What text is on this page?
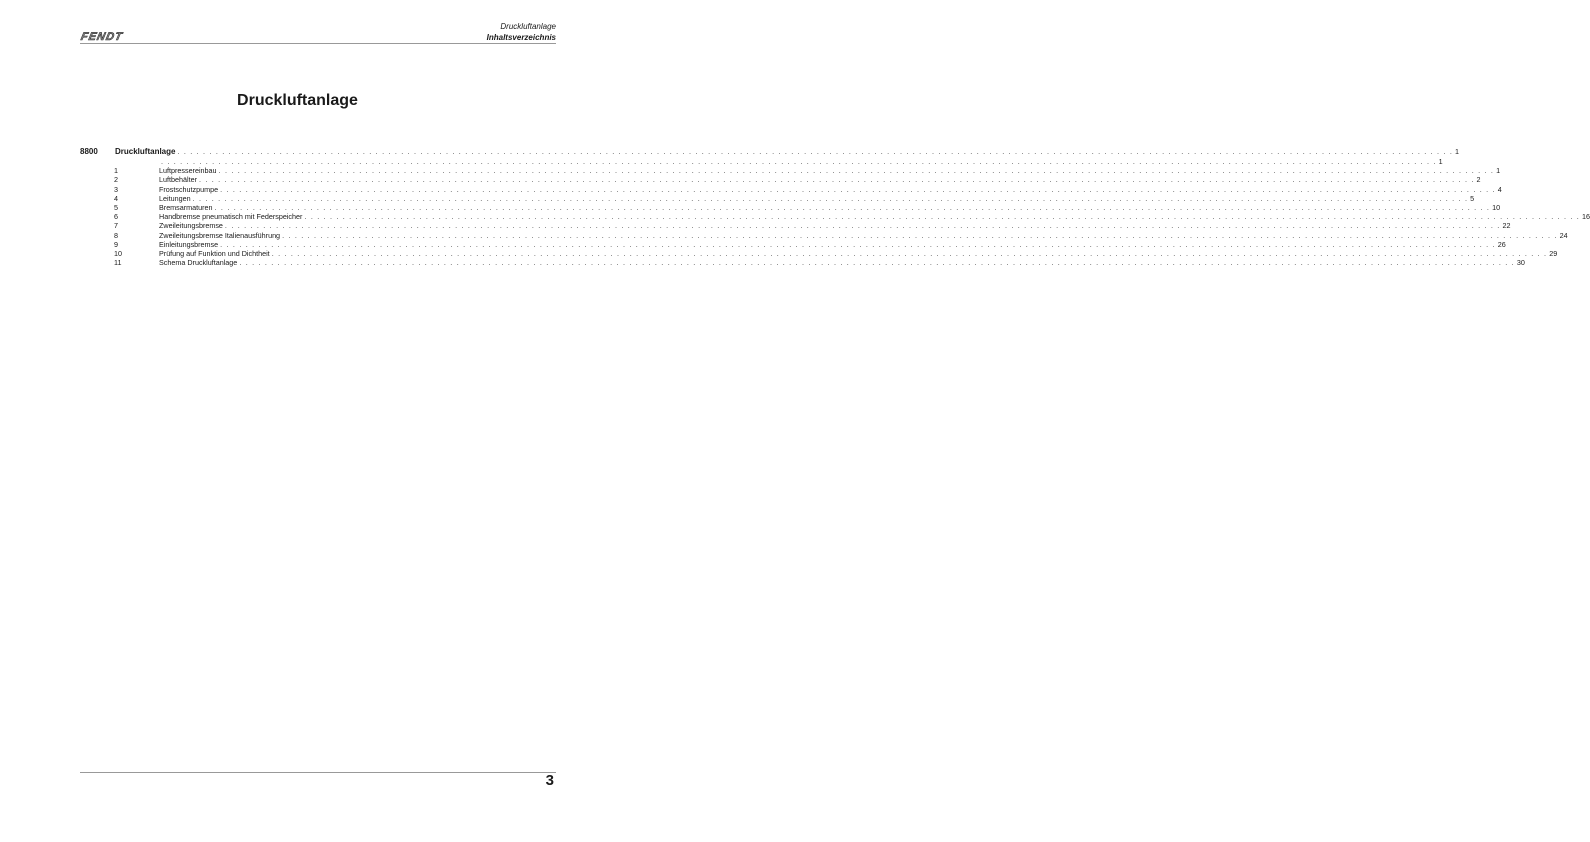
FENDT
Druckluftanlage
Inhaltsverzeichnis
Druckluftanlage
8800 Druckluftanlage . . . . . . . . . . . . . . . . . . . . . . . . . . . . . . . . . . . . . . . . . . . . . . . . . . . . . . . . . . . . . . . . . . . . . . . . . . . . . . . . . . . . . . . . . . . . . . . . . . . . . . . . . . . . . . . . . . . . . . . . . . . . . . . . . . . . . . . . . . . . . . . . . . . . . . . . . . . . . . . . . . . . . . . . . . . . . . . . . . . . . . . . . . . . . . . . . . . . . . . . 1
. . . . . . . . . . . . . . . . . . . . . . . . . . . . . . . . . . . . . . . . . . . . . . . . . . . . . . . . . . . . . . . . . . . . . . . . . . . . . . . . . . . . . . . . . . . . . . . . . . . . . . . . . . . . . . . . . . . . . . . . . . . . . . . . . . . . . . . . . . . . . . . . . . . . . . . . . . . . . . . . . . . . . . . . . . . . . . . . . . . . . . . . . . . . . . . . . . . . . . . . 1
1	Luftpressereinbau . . . . . . . . . . . . . . . . . . . . . . . . . . . . . . . . . . . . . . . . . . . . . . . . . . . . . . . . . . . . . . . . . . . . . . . . . . . . . . . . . . . . . . . . . . . . . . . . . . . . . . . . . . . . . . . . . . . . . . . . . . . . . . . . . . . . . . . . . . . . . . . . . . . . . . . . . . . . . . . . . . . . . . . . . . . . . . . . . . . . . . . . . . . . . . . . . . . . . . . . 1
2	Luftbehälter . . . . . . . . . . . . . . . . . . . . . . . . . . . . . . . . . . . . . . . . . . . . . . . . . . . . . . . . . . . . . . . . . . . . . . . . . . . . . . . . . . . . . . . . . . . . . . . . . . . . . . . . . . . . . . . . . . . . . . . . . . . . . . . . . . . . . . . . . . . . . . . . . . . . . . . . . . . . . . . . . . . . . . . . . . . . . . . . . . . . . . . . . . . . . . . . . . . . . . . . 2
3	Frostschutzpumpe . . . . . . . . . . . . . . . . . . . . . . . . . . . . . . . . . . . . . . . . . . . . . . . . . . . . . . . . . . . . . . . . . . . . . . . . . . . . . . . . . . . . . . . . . . . . . . . . . . . . . . . . . . . . . . . . . . . . . . . . . . . . . . . . . . . . . . . . . . . . . . . . . . . . . . . . . . . . . . . . . . . . . . . . . . . . . . . . . . . . . . . . . . . . . . . . . . . . . . . . 4
4	Leitungen . . . . . . . . . . . . . . . . . . . . . . . . . . . . . . . . . . . . . . . . . . . . . . . . . . . . . . . . . . . . . . . . . . . . . . . . . . . . . . . . . . . . . . . . . . . . . . . . . . . . . . . . . . . . . . . . . . . . . . . . . . . . . . . . . . . . . . . . . . . . . . . . . . . . . . . . . . . . . . . . . . . . . . . . . . . . . . . . . . . . . . . . . . . . . . . . . . . . . . . . 5
5	Bremsarmaturen . . . . . . . . . . . . . . . . . . . . . . . . . . . . . . . . . . . . . . . . . . . . . . . . . . . . . . . . . . . . . . . . . . . . . . . . . . . . . . . . . . . . . . . . . . . . . . . . . . . . . . . . . . . . . . . . . . . . . . . . . . . . . . . . . . . . . . . . . . . . . . . . . . . . . . . . . . . . . . . . . . . . . . . . . . . . . . . . . . . . . . . . . . . . . . . . . . . . . . . . 10
6	Handbremse pneumatisch mit Federspeicher . . . . . . . . . . . . . . . . . . . . . . . . . . . . . . . . . . . . . . . . . . . . . . . . . . . . . . . . . . . . . . . . . . . . . . . . . . . . . . . . . . . . . . . . . . . . . . . . . . . . . . . . . . . . . . . . . . . . . . . . . . . . . . . . . . . . . . . . . . . . . . . . . . . . . . . . . . . . . . . . . . . . . . . . . . . . . . . . . . . . . . . . . . . . . . . . . . . . . . . . 16
7	Zweileitungsbremse . . . . . . . . . . . . . . . . . . . . . . . . . . . . . . . . . . . . . . . . . . . . . . . . . . . . . . . . . . . . . . . . . . . . . . . . . . . . . . . . . . . . . . . . . . . . . . . . . . . . . . . . . . . . . . . . . . . . . . . . . . . . . . . . . . . . . . . . . . . . . . . . . . . . . . . . . . . . . . . . . . . . . . . . . . . . . . . . . . . . . . . . . . . . . . . . . . . . . . . . 22
8	Zweileitungsbremse Italienausführung . . . . . . . . . . . . . . . . . . . . . . . . . . . . . . . . . . . . . . . . . . . . . . . . . . . . . . . . . . . . . . . . . . . . . . . . . . . . . . . . . . . . . . . . . . . . . . . . . . . . . . . . . . . . . . . . . . . . . . . . . . . . . . . . . . . . . . . . . . . . . . . . . . . . . . . . . . . . . . . . . . . . . . . . . . . . . . . . . . . . . . . . . . . . . . . . . . . . . . . . 24
9	Einleitungsbremse . . . . . . . . . . . . . . . . . . . . . . . . . . . . . . . . . . . . . . . . . . . . . . . . . . . . . . . . . . . . . . . . . . . . . . . . . . . . . . . . . . . . . . . . . . . . . . . . . . . . . . . . . . . . . . . . . . . . . . . . . . . . . . . . . . . . . . . . . . . . . . . . . . . . . . . . . . . . . . . . . . . . . . . . . . . . . . . . . . . . . . . . . . . . . . . . . . . . . . . . 26
10	Prüfung auf Funktion und Dichtheit . . . . . . . . . . . . . . . . . . . . . . . . . . . . . . . . . . . . . . . . . . . . . . . . . . . . . . . . . . . . . . . . . . . . . . . . . . . . . . . . . . . . . . . . . . . . . . . . . . . . . . . . . . . . . . . . . . . . . . . . . . . . . . . . . . . . . . . . . . . . . . . . . . . . . . . . . . . . . . . . . . . . . . . . . . . . . . . . . . . . . . . . . . . . . . . . . . . . . . . . 29
11	Schema Druckluftanlage . . . . . . . . . . . . . . . . . . . . . . . . . . . . . . . . . . . . . . . . . . . . . . . . . . . . . . . . . . . . . . . . . . . . . . . . . . . . . . . . . . . . . . . . . . . . . . . . . . . . . . . . . . . . . . . . . . . . . . . . . . . . . . . . . . . . . . . . . . . . . . . . . . . . . . . . . . . . . . . . . . . . . . . . . . . . . . . . . . . . . . . . . . . . . . . . . . . . . . . . 30
3
